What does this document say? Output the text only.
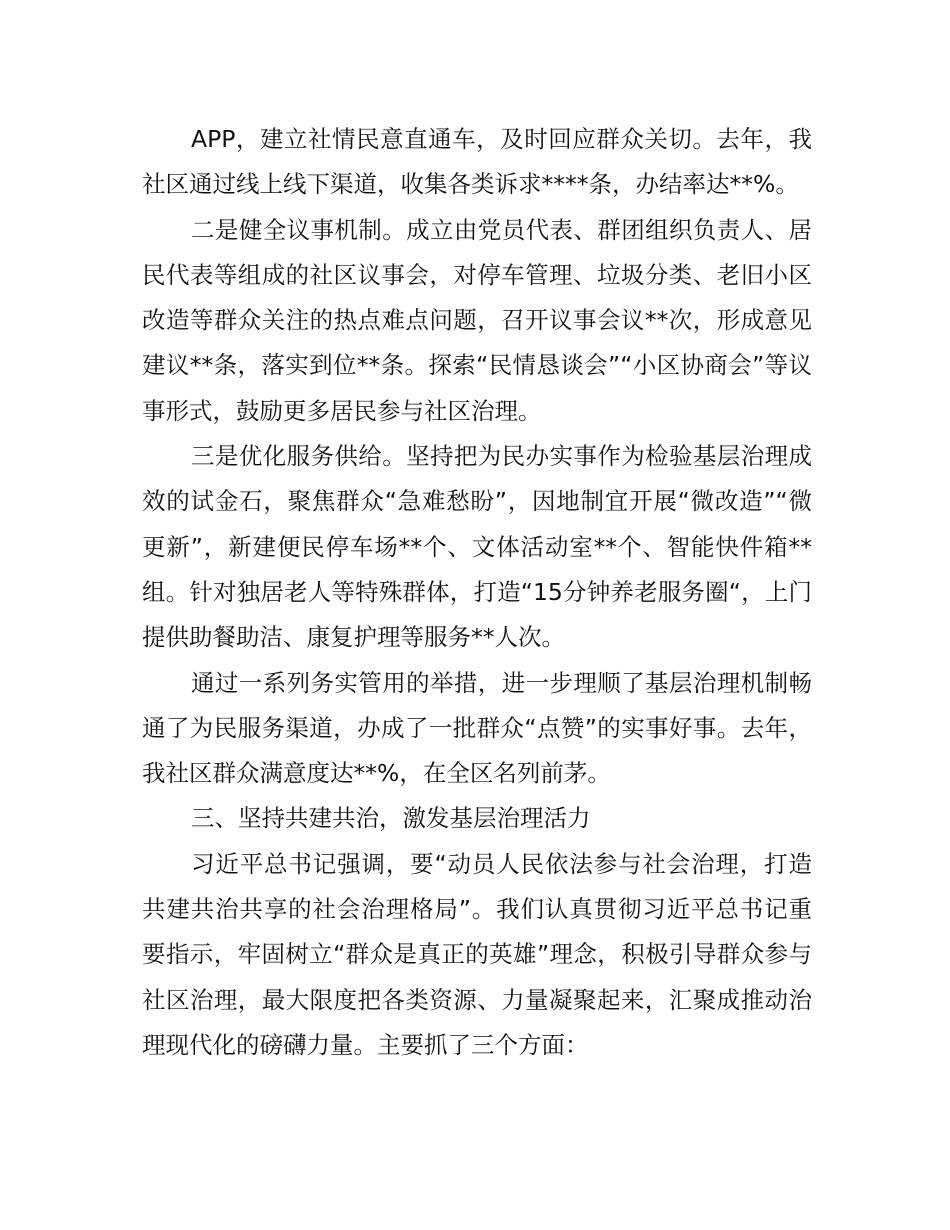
APP，建立社情民意直通车，及时回应群众关切。去年，我社区通过线上线下渠道，收集各类诉求****条，办结率达**%。

二是健全议事机制。成立由党员代表、群团组织负责人、居民代表等组成的社区议事会，对停车管理、垃圾分类、老旧小区改造等群众关注的热点难点问题，召开议事会议**次，形成意见建议**条，落实到位**条。探索“民情恳谈会”“小区协商会”等议事形式，鼓励更多居民参与社区治理。

三是优化服务供给。坚持把为民办实事作为检验基层治理成效的试金石，聚焦群众“急难愁盼”，因地制宜开展“微改造”“微更新”，新建便民停车场**个、文体活动室**个、智能快件箱**组。针对独居老人等特殊群体，打造“15分钟养老服务圈“，上门提供助餐助洁、康复护理等服务**人次。

通过一系列务实管用的举措，进一步理顺了基层治理机制畅通了为民服务渠道，办成了一批群众“点赞”的实事好事。去年，我社区群众满意度达**%，在全区名列前茅。

三、坚持共建共治，激发基层治理活力

习近平总书记强调，要“动员人民依法参与社会治理，打造共建共治共享的社会治理格局”。我们认真贯彻习近平总书记重要指示，牢固树立“群众是真正的英雄”理念，积极引导群众参与社区治理，最大限度把各类资源、力量凝聚起来，汇聚成推动治理现代化的磅礴力量。主要抓了三个方面：
